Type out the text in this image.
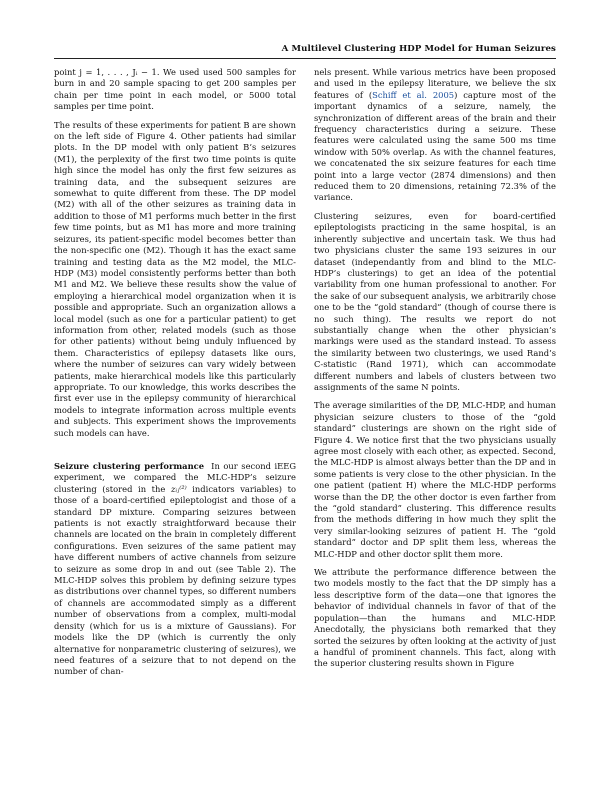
A Multilevel Clustering HDP Model for Human Seizures

point j = 1, . . . , Jᵢ − 1. We used used 500 samples for burn in and 20 sample spacing to get 200 samples per chain per time point in each model, or 5000 total samples per time point.

The results of these experiments for patient B are shown on the left side of Figure 4. Other patients had similar plots. In the DP model with only patient B’s seizures (M1), the perplexity of the first two time points is quite high since the model has only the first few seizures as training data, and the subsequent seizures are somewhat to quite different from these. The DP model (M2) with all of the other seizures as training data in addition to those of M1 performs much better in the first few time points, but as M1 has more and more training seizures, its patient-specific model becomes better than the non-specific one (M2). Though it has the exact same training and testing data as the M2 model, the MLC-HDP (M3) model consistently performs better than both M1 and M2. We believe these results show the value of employing a hierarchical model organization when it is possible and appropriate. Such an organization allows a local model (such as one for a particular patient) to get information from other, related models (such as those for other patients) without being unduly influenced by them. Characteristics of epilepsy datasets like ours, where the number of seizures can vary widely between patients, make hierarchical models like this particularly appropriate. To our knowledge, this works describes the first ever use in the epilepsy community of hierarchical models to integrate information across multiple events and subjects. This experiment shows the improvements such models can have.

Seizure clustering performance In our second iEEG experiment, we compared the MLC-HDP’s seizure clustering (stored in the zᵢⱼ⁽²⁾ indicators variables) to those of a board-certified epileptologist and those of a standard DP mixture. Comparing seizures between patients is not exactly straightforward because their channels are located on the brain in completely different configurations. Even seizures of the same patient may have different numbers of active channels from seizure to seizure as some drop in and out (see Table 2). The MLC-HDP solves this problem by defining seizure types as distributions over channel types, so different numbers of channels are accommodated simply as a different number of observations from a complex, multi-modal density (which for us is a mixture of Gaussians). For models like the DP (which is currently the only alternative for nonparametric clustering of seizures), we need features of a seizure that to not depend on the number of chan-

nels present. While various metrics have been proposed and used in the epilepsy literature, we believe the six features of (Schiff et al. 2005) capture most of the important dynamics of a seizure, namely, the synchronization of different areas of the brain and their frequency characteristics during a seizure. These features were calculated using the same 500 ms time window with 50% overlap. As with the channel features, we concatenated the six seizure features for each time point into a large vector (2874 dimensions) and then reduced them to 20 dimensions, retaining 72.3% of the variance.

Clustering seizures, even for board-certified epileptologists practicing in the same hospital, is an inherently subjective and uncertain task. We thus had two physicians cluster the same 193 seizures in our dataset (independantly from and blind to the MLC-HDP’s clusterings) to get an idea of the potential variability from one human professional to another. For the sake of our subsequent analysis, we arbitrarily chose one to be the “gold standard” (though of course there is no such thing). The results we report do not substantially change when the other physician’s markings were used as the standard instead. To assess the similarity between two clusterings, we used Rand’s C-statistic (Rand 1971), which can accommodate different numbers and labels of clusters between two assignments of the same N points.

The average similarities of the DP, MLC-HDP, and human physician seizure clusters to those of the “gold standard” clusterings are shown on the right side of Figure 4. We notice first that the two physicians usually agree most closely with each other, as expected. Second, the MLC-HDP is almost always better than the DP and in some patients is very close to the other physician. In the one patient (patient H) where the MLC-HDP performs worse than the DP, the other doctor is even farther from the “gold standard” clustering. This difference results from the methods differing in how much they split the very similar-looking seizures of patient H. The “gold standard” doctor and DP split them less, whereas the MLC-HDP and other doctor split them more.

We attribute the performance difference between the two models mostly to the fact that the DP simply has a less descriptive form of the data—one that ignores the behavior of individual channels in favor of that of the population—than the humans and MLC-HDP. Anecdotally, the physicians both remarked that they sorted the seizures by often looking at the activity of just a handful of prominent channels. This fact, along with the superior clustering results shown in Figure
